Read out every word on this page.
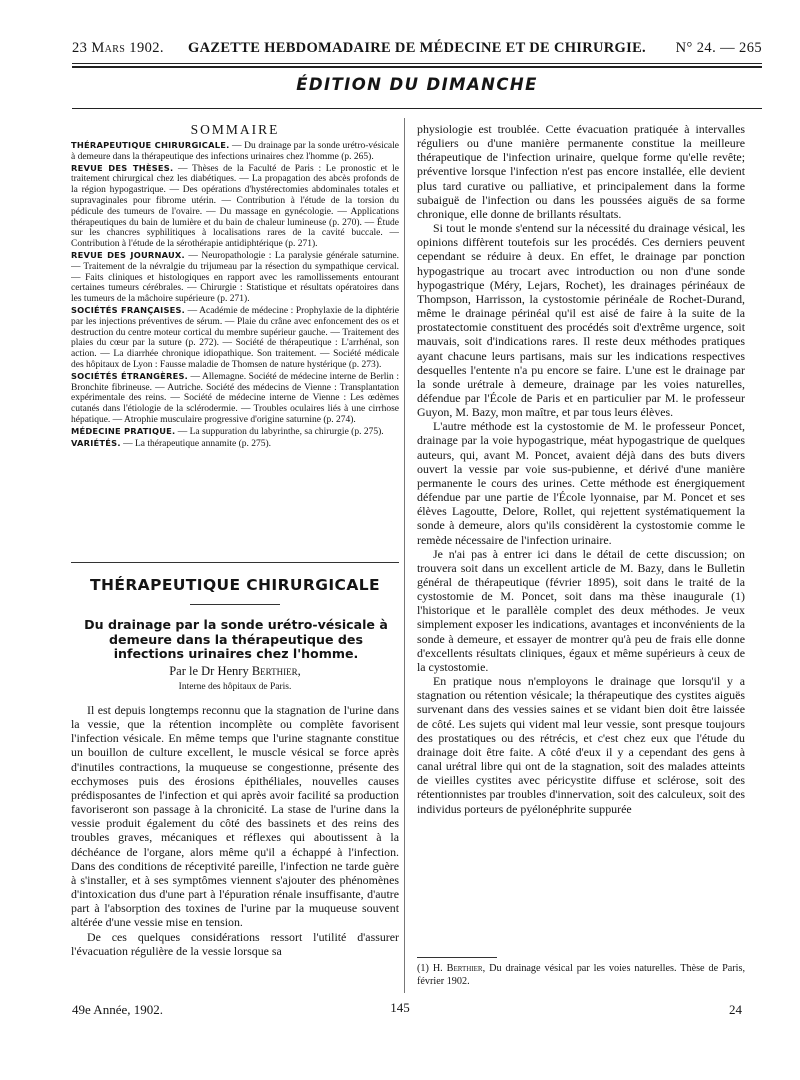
23 Mars 1902.	GAZETTE HEBDOMADAIRE DE MÉDECINE ET DE CHIRURGIE.	N° 24. — 265
ÉDITION DU DIMANCHE
SOMMAIRE

THÉRAPEUTIQUE CHIRURGICALE. — Du drainage par la sonde urétro-vésicale à demeure dans la thérapeutique des infections urinaires chez l'homme (p. 265).

REVUE DES THÈSES. — Thèses de la Faculté de Paris : Le pronostic et le traitement chirurgical chez les diabétiques. — La propagation des abcès profonds de la région hypogastrique. — Des opérations d'hystérectomies abdominales totales et supravaginales pour fibrome utérin. — Contribution à l'étude de la torsion du pédicule des tumeurs de l'ovaire. — Du massage en gynécologie. — Applications thérapeutiques du bain de lumière et du bain de chaleur lumineuse (p. 270). — Étude sur les chancres syphilitiques à localisations rares de la cavité buccale. — Contribution à l'étude de la sérothérapie antidiphtérique (p. 271).

REVUE DES JOURNAUX. — Neuropathologie : La paralysie générale saturnine. — Traitement de la névralgie du trijumeau par la résection du sympathique cervical. — Faits cliniques et histologiques en rapport avec les ramollissements entourant certaines tumeurs cérébrales. — Chirurgie : Statistique et résultats opératoires dans les tumeurs de la mâchoire supérieure (p. 271).

SOCIÉTÉS FRANÇAISES. — Académie de médecine : Prophylaxie de la diphtérie par les injections préventives de sérum. — Plaie du crâne avec enfoncement des os et destruction du centre moteur cortical du membre supérieur gauche. — Traitement des plaies du cœur par la suture (p. 272). — Société de thérapeutique : L'arrhénal, son action. — La diarrhée chronique idiopathique. Son traitement. — Société médicale des hôpitaux de Lyon : Fausse maladie de Thomsen de nature hystérique (p. 273).

SOCIÉTÉS ÉTRANGÈRES. — Allemagne. Société de médecine interne de Berlin : Bronchite fibrineuse. — Autriche. Société des médecins de Vienne : Transplantation expérimentale des reins. — Société de médecine interne de Vienne : Les œdèmes cutanés dans l'étiologie de la sclérodermie. — Troubles oculaires liés à une cirrhose hépatique. — Atrophie musculaire progressive d'origine saturnine (p. 274).

MÉDECINE PRATIQUE. — La suppuration du labyrinthe, sa chirurgie (p. 275).

VARIÉTÉS. — La thérapeutique annamite (p. 275).

THÉRAPEUTIQUE CHIRURGICALE
Du drainage par la sonde urétro-vésicale à demeure dans la thérapeutique des infections urinaires chez l'homme.
Par le Dr Henry Berthier,
Interne des hôpitaux de Paris.

Il est depuis longtemps reconnu que la stagnation de l'urine dans la vessie, que la rétention incomplète ou complète favorisent l'infection vésicale. En même temps que l'urine stagnante constitue un bouillon de culture excellent, le muscle vésical se force après d'inutiles contractions, la muqueuse se congestionne, présente des ecchymoses puis des érosions épithéliales, nouvelles causes prédisposantes de l'infection et qui après avoir facilité sa production favoriseront son passage à la chronicité. La stase de l'urine dans la vessie produit également du côté des bassinets et des reins des troubles graves, mécaniques et réflexes qui aboutissent à la déchéance de l'organe, alors même qu'il a échappé à l'infection. Dans des conditions de réceptivité pareille, l'infection ne tarde guère à s'installer, et à ses symptômes viennent s'ajouter des phénomènes d'intoxication dus d'une part à l'épuration rénale insuffisante, d'autre part à l'absorption des toxines de l'urine par la muqueuse souvent altérée d'une vessie mise en tension.

De ces quelques considérations ressort l'utilité d'assurer l'évacuation régulière de la vessie lorsque sa

physiologie est troublée. Cette évacuation pratiquée à intervalles réguliers ou d'une manière permanente constitue la meilleure thérapeutique de l'infection urinaire, quelque forme qu'elle revête; préventive lorsque l'infection n'est pas encore installée, elle devient plus tard curative ou palliative, et principalement dans la forme subaiguë de l'infection ou dans les poussées aiguës de sa forme chronique, elle donne de brillants résultats.

Si tout le monde s'entend sur la nécessité du drainage vésical, les opinions diffèrent toutefois sur les procédés. Ces derniers peuvent cependant se réduire à deux. En effet, le drainage par ponction hypogastrique au trocart avec introduction ou non d'une sonde hypogastrique (Méry, Lejars, Rochet), les drainages périnéaux de Thompson, Harrisson, la cystostomie périnéale de Rochet-Durand, même le drainage périnéal qu'il est aisé de faire à la suite de la prostatectomie constituent des procédés soit d'extrême urgence, soit mauvais, soit d'indications rares. Il reste deux méthodes pratiques ayant chacune leurs partisans, mais sur les indications respectives desquelles l'entente n'a pu encore se faire. L'une est le drainage par la sonde urétrale à demeure, drainage par les voies naturelles, défendue par l'École de Paris et en particulier par M. le professeur Guyon, M. Bazy, mon maître, et par tous leurs élèves.

L'autre méthode est la cystostomie de M. le professeur Poncet, drainage par la voie hypogastrique, méat hypogastrique de quelques auteurs, qui, avant M. Poncet, avaient déjà dans des buts divers ouvert la vessie par voie sus-pubienne, et dérivé d'une manière permanente le cours des urines. Cette méthode est énergiquement défendue par une partie de l'École lyonnaise, par M. Poncet et ses élèves Lagoutte, Delore, Rollet, qui rejettent systématiquement la sonde à demeure, alors qu'ils considèrent la cystostomie comme le remède nécessaire de l'infection urinaire.

Je n'ai pas à entrer ici dans le détail de cette discussion; on trouvera soit dans un excellent article de M. Bazy, dans le Bulletin général de thérapeutique (février 1895), soit dans le traité de la cystostomie de M. Poncet, soit dans ma thèse inaugurale (1) l'historique et le parallèle complet des deux méthodes. Je veux simplement exposer les indications, avantages et inconvénients de la sonde à demeure, et essayer de montrer qu'à peu de frais elle donne d'excellents résultats cliniques, égaux et même supérieurs à ceux de la cystostomie.

En pratique nous n'employons le drainage que lorsqu'il y a stagnation ou rétention vésicale; la thérapeutique des cystites aiguës survenant dans des vessies saines et se vidant bien doit être laissée de côté. Les sujets qui vident mal leur vessie, sont presque toujours des prostatiques ou des rétrécis, et c'est chez eux que l'étude du drainage doit être faite. A côté d'eux il y a cependant des gens à canal urétral libre qui ont de la stagnation, soit des malades atteints de vieilles cystites avec péricystite diffuse et sclérose, soit des rétentionnistes par troubles d'innervation, soit des calculeux, soit des individus porteurs de pyélonéphrite suppurée

(1) H. Berthier, Du drainage vésical par les voies naturelles. Thèse de Paris, février 1902.
49e Année, 1902.	145	24
